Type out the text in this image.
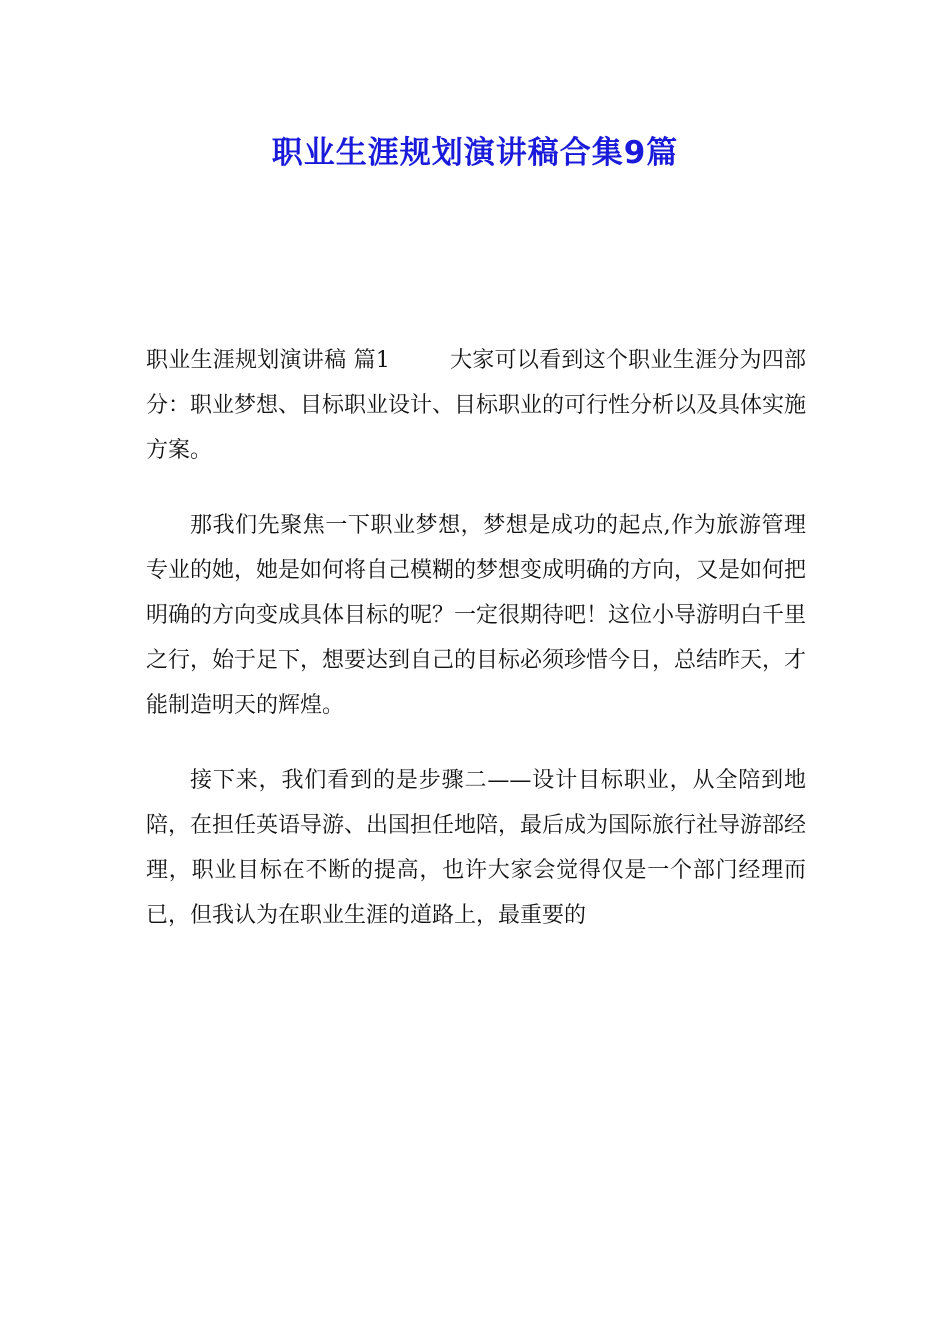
职业生涯规划演讲稿合集9篇

职业生涯规划演讲稿 篇1	大家可以看到这个职业生涯分为四部分：职业梦想、目标职业设计、目标职业的可行性分析以及具体实施方案。

那我们先聚焦一下职业梦想，梦想是成功的起点,作为旅游管理专业的她，她是如何将自己模糊的梦想变成明确的方向，又是如何把明确的方向变成具体目标的呢？一定很期待吧！这位小导游明白千里之行，始于足下，想要达到自己的目标必须珍惜今日，总结昨天，才能制造明天的辉煌。

接下来，我们看到的是步骤二——设计目标职业，从全陪到地陪，在担任英语导游、出国担任地陪，最后成为国际旅行社导游部经理，职业目标在不断的提高，也许大家会觉得仅是一个部门经理而已，但我认为在职业生涯的道路上，最重要的
